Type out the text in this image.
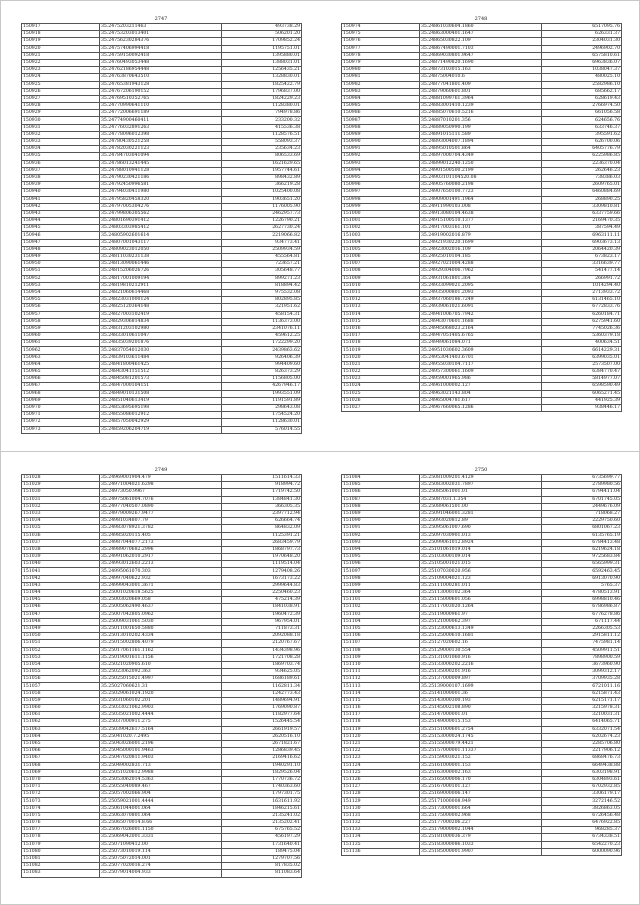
2747
150917	35.2475203211463	493738.29
150918	35.24753203013401	506201.20
150919	35.24756230284376	1709852.24
150920	35.24757406994418	1195751.01
150921	35.24759150092418	1395880.01
150922	35.24760493053448	1388031.01
150923	35.24762186954448	1256435.21
150924	35.24763870643510	1328830.01
150925	35.24765381943128	1825422.79
150926	35.24767206190152	1796837.00
150927	35.24769510352765	1824229.23
150928	35.24770990641110	1128380.01
150929	35.24772006691189	794978.86
150930	35.24774900460411	233200.32
150931	35.24776032891263	415536.38
150932	35.24778096012398	1128576.51
150933	35.24780430521258	558093.37
150934	35.24782030221123	235634.23
150935	35.24784703041094	806533.69
150936	35.24786013241445	1621629.65
150937	35.24788010941128	1957744.61
150938	35.24790230421186	898432.89
150939	35.24792450996581	366219.28
150940	35.24794030411980	1025400.08
150941	35.24795820458320	1903651.20
150942	35.24797005304276	1176005.90
150943	35.24799806305562	2462957.73
150944	35.24801690391412	1226790.21
150945	35.24803303985412	2627730.24
150946	35.24805902601614	2219066.82
150947	35.24807001043117	934773.41
150948	35.24809023012050	2509934.59
150949	35.24811030231138	455564.81
150950	35.24813090061446	723657.21
150951	35.24815206026726	305648.77
150952	35.24817001009194	899271.23
150953	35.24819810212911	818894.42
150954	35.24821060614468	975532.08
150955	35.24823031000124	802895.85
150956	35.24825120364148	321951.62
150957	35.24827003102419	458154.31
150958	35.24829306814834	1136373.00
150959	35.24831203102980	2341076.11
150960	35.24833010611047	459612.25
150961	35.24835039201876	1722299.20
150962	35.24837054012030	2439863.62
150963	35.24839103611484	926406.39
150964	35.24841800461425	994409.60
150965	35.24843041151512	826373.29
150966	35.24845081201573	1156805.00
150967	35.24847000104151	4267946.17
150968	35.24849010131508	1993551.09
150969	35.24851040613419	1191591.89
150970	35.24853695695198	298643.08
150971	35.24855086012912	1754524.20
150972	35.24857050042929	1128630.01
150973	35.24859206204719	576014.55
2748
150974	35.24861030604.1860	6517095.76
150975	35.24863000401.1647	626331.37
150976	35.24865030822.109	2304031.30
150977	35.24867490001.7103	2496902.70
150978	35.24869030801.9647	6575810.61
150979	35.24871490820.1690	6963836.07
150980	35.24873103015.163	1038047.37
150981	35.24875004010.6	480025.10
150982	35.24877041801.409	2582986.10
150983	35.24879060601.801	685662.17
150984	35.24881099761.3964	628619.43
150985	35.24883001410.1239	2766974.50
150986	35.24885070610.5216	661056.58
150987	35.24887010201.356	624656.76
150988	35.24889050990.199	633746.37
150989	35.24891015111.589	395591.62
150990	35.24893004007.1894	626700.06
150991	35.24895010501.864	6405776.79
150992	35.24897000704.4349	6225986.85
150993	35.24899012240.1250	2236370.04
150994	35.24901500500.2199	262646.23
150995	35.24903101104520.08	738386.03
150996	35.24905760080.2198	2609765.01
150997	35.24907650100.7723	6460884.69
150998	35.24909001491.1964	268890.25
150999	35.24911990103.008	3309810.81
151000	35.24913080104.4638	6337759.66
151001	35.24915100510.1377	2169470.35
151002	35.24917003161.101	387594.49
151003	35.24919002016.879	6963111.11
151004	35.24921930220.1699	6903673.13
151005	35.24923002016.109	2064420.39
151006	35.24925010104.185	673823.17
151007	35.24927021004.4288	3316639.77
151008	35.24929304006.7962	541477.14
151009	35.24931061801.364	266991.72
151010	35.24933099021.2095	1014294.40
151011	35.24935000801.2093	2713933.72
151012	35.24937060186.7249	6131465.10
151013	35.24939061021.6091	6772833.76
151014	35.24941006705.7942	6260184.71
151015	35.24943070601.1688	6275941.60
151016	35.24945068023.2164	7745026.36
151017	35.24947051405.6765	5360379.18
151018	35.24949061084.071	400634.51
151019	35.24951030602.3609	6614229.31
151020	35.24953041403.6701	6399035.01
151021	35.24955030104.7117	2573507.00
151022	35.24957300061.1609	6384770.47
151023	35.24959001965.986	5814977.07
151024	35.24961000002.127	6598590.49
151025	35.24963021143.804	6065271.45
151026	35.24965004781.617	441925.39
151027	35.24967660065.1286	938446.17
2749
151028	35.24969001904.479	1511614.33
151029	35.24971004021.6298	918994.72
151030	35.24973050.9967	1719742.50
151031	35.24975061004.7076	1384841.30
151032	35.24977040507.0890	366305.35
151033	35.24979009267.9477	2397712.94
151034	35.24981034807.79	626664.74
151035	35.24983078921.3782	864832.09
151036	35.24985020115.405	1125391.21
151037	35.24987044077.2173	2683459.79
151038	35.24989070682.2996	1868797.73
151039	35.24991062010.2917	1970648.20
151040	35.24993012603.2213	1119514.04
151041	35.24995061070.303	1279408.26
151042	35.24997040622.932	1673173.22
151043	35.24999043001.3671	2999644.83
151044	35.25001020618.5625	2250460.23
151045	35.25003020669.058	475214.39
151046	35.25005062490.4637	1841038.91
151047	35.25007042805.0962	1960472.39
151048	35.25009031061.5030	967954.01
151049	35.25011001650.5880	711873.31
151050	35.25013010202.4334	2092088.18
151051	35.25015002806.4079	2120767.67
151052	35.25017061161.1162	1434398.96
151053	35.25019001611.1156	1721708.28
151054	35.25021020905.610	1869703.74
151055	35.25023062092.363	934625.05
151056	35.25025015021.4997	1686189.61
151057	35.25027060621.31	1162811.34
151058	35.25029061024.1920	1242773.43
151059	35.25031060102.201	1489694.91
151060	35.25033021062.9903	1769090.87
151061	35.25035021002.4444	1182977.64
151062	35.25037000911.275	1526445.54
151063	35.25039042617.5164	2661919.57
151064	35.25041020.7.2495	2620516.10
151065	35.25043026001.2196	2671821.67
151066	35.25045000101.9463	1286839.45
151067	35.25047020811.9403	2169416.62
151068	35.25049002831.713	1940291.10
151069	35.25051020612.9988	1829526.04
151070	35.25053062014.5363	1770736.72
151071	35.25055040089.467	1740363.60
151072	35.25057002066.904	1797301.75
151073	35.25059021001.4444	1631611.92
151074	35.25061044001.064	1846215.61
151075	35.25063070801.064	2135241.02
151076	35.25065070014.8.66	2135202.41
151077	35.25067026001.1150	675765.52
151078	35.25069042001.3331	456197.29
151079	35.25071090412.00	1731640.41
151080	35.25073010019.114	189475.04
151081	35.25075072014.001	1279707.56
151082	35.25077020016.274	817835.02
151083	35.25079014004.933	811083.64
2750
151084	35.25081009201.4129	6735699.77
151085	35.25083002031.7897	2789980.56
151086	35.25085061001.01	6794411.04
151087	35.25087031.1.354	6701745.05
151088	35.25089061501.00	2449676.09
151089	35.25091046001.3281	718068.27
151090	35.25093020812.89	2229750.60
151091	35.25095061007.690	6801067.23
151092	35.25097030901.013	6135765.19
151093	35.25099061012.8924	6784413.48
151094	35.25101061019.014	6219624.18
151095	35.25103000109.014	9725683.84
151096	35.25105001021.015	6565999.31
151097	35.25107030020.956	6592463.45
151098	35.25109004021.123	6913070.90
151099	35.25111000281.011	5765.37
151100	35.25113000102.364	4780513.91
151101	35.25115000601.056	6998810.46
151102	35.25117003020.1264	6786986.87
151103	35.25119000961.97	6776278.86
151104	35.25121000062.397	671117.44
151105	35.25123000613.1349	2266305.53
151106	35.25125000610.1681	2915811.12
151107	35.25127020602.16	7475981.14
151108	35.25129000130.554	4509911.51
151109	35.25131001060.916	7898900.59
151110	35.25133000202.2216	3673960.90
151111	35.25135000201.916	3099312.17
151112	35.25137000009.897	3709935.28
151113	35.25139000107.1699	6721011.16
151114	35.25141000001.36	6215871.43
151115	35.25143000300.193	6215171.17
151116	35.25145002108.890	3215978.31
151117	35.25147000001.01	3210031.31
151118	35.25149000015.153	6414065.71
151119	35.25151000601.2754	6332071.54
151120	35.25153000024.1745	6202674.23
151121	35.25155000079.4421	2285706.80
151122	35.25157000001.11337	2217906.12
151123	35.25159003021.152	6868476.73
151124	35.25161000001.153	6649438.88
151125	35.25163000002.163	6303198.91
151126	35.25165000006.170	6304893.61
151127	35.25167000101.127	6702932.85
151128	35.25169000006.147	3306179.17
151129	35.25171000008.949	3272146.52
151130	35.25173000001.664	3826863.05
151131	35.25175000002.968	6726456.48
151132	35.25177000206.227	6476922.85
151133	35.25179000002.1044	968285.37
151134	35.25181000036.379	6734338.51
151135	35.25183000086.1033	6542270.23
151136	35.25185000001.9907	6000090.96
